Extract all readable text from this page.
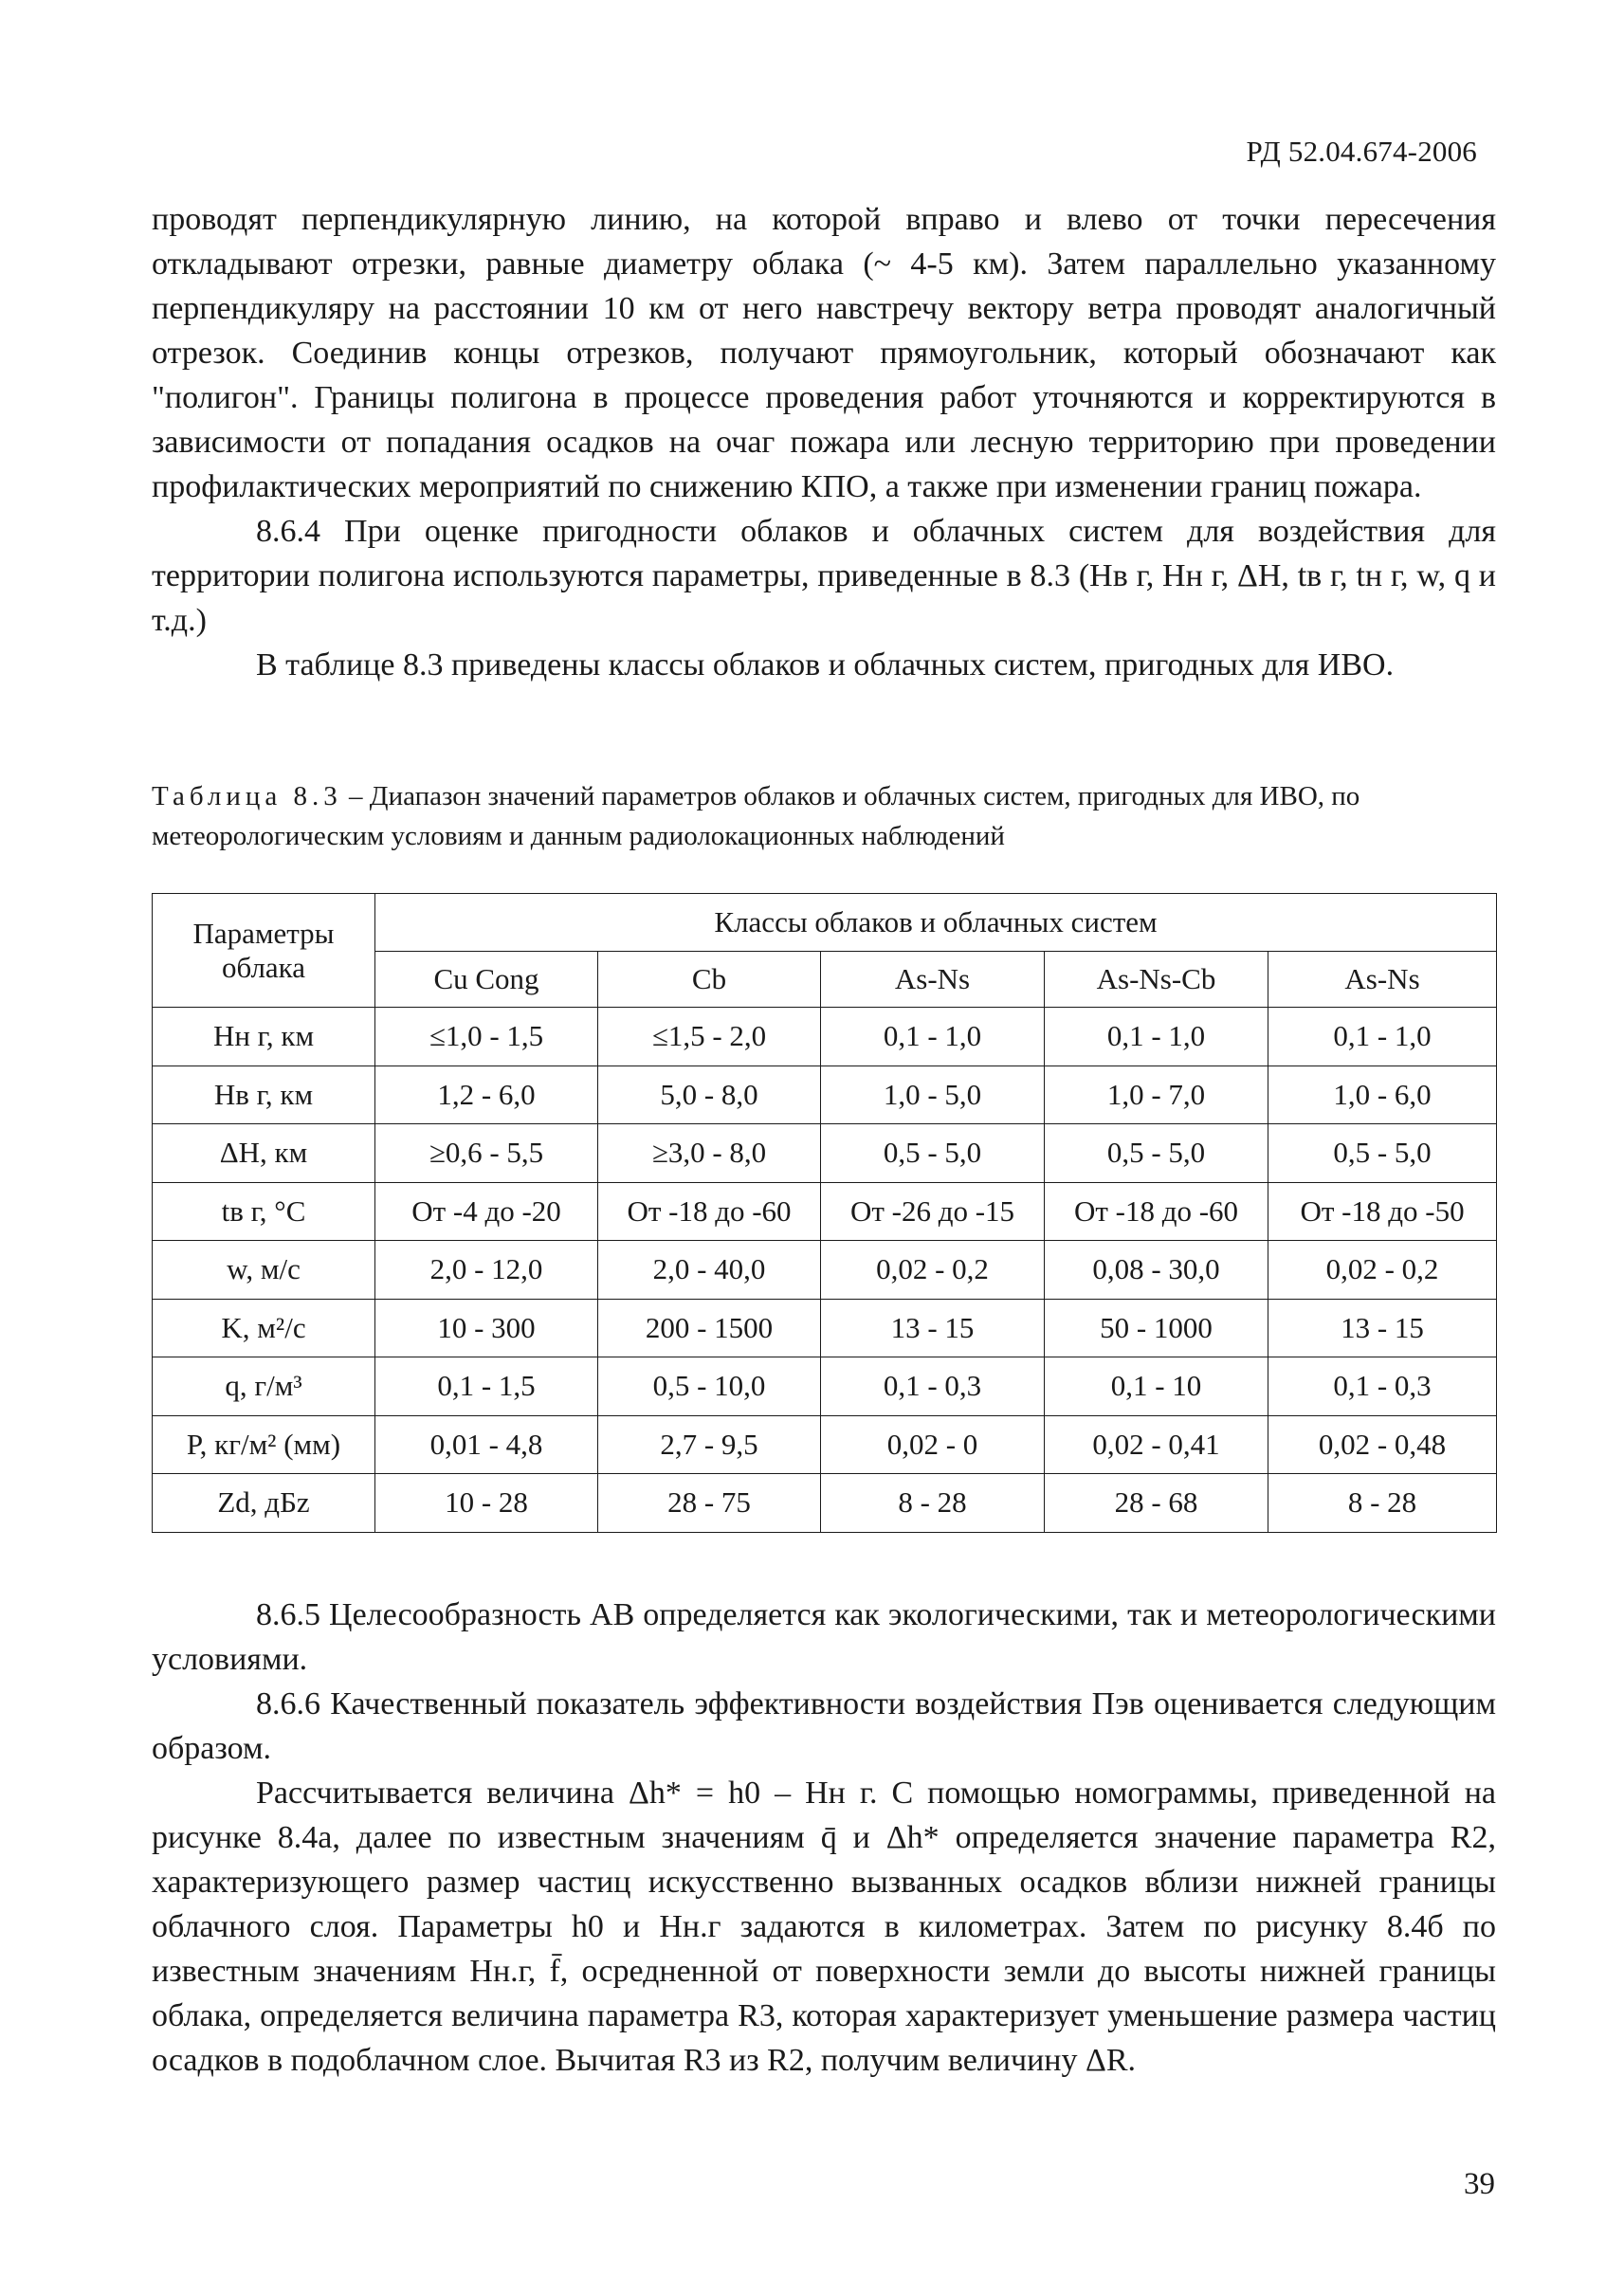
РД 52.04.674-2006

проводят перпендикулярную линию, на которой вправо и влево от точки пересечения откладывают отрезки, равные диаметру облака (~ 4-5 км). Затем параллельно указанному перпендикуляру на расстоянии 10 км от него навстречу вектору ветра проводят аналогичный отрезок. Соединив концы отрезков, получают прямоугольник, который обозначают как "полигон". Границы полигона в процессе проведения работ уточняются и корректируются в зависимости от попадания осадков на очаг пожара или лесную территорию при проведении профилактических мероприятий по снижению КПО, а также при изменении границ пожара.

8.6.4 При оценке пригодности облаков и облачных систем для воздействия для территории полигона используются параметры, приведенные в 8.3 (Hв г, Hн г, ΔH, tв г, tн г, w, q и т.д.)

В таблице 8.3 приведены классы облаков и облачных систем, пригодных для ИВО.

Таблица 8.3 – Диапазон значений параметров облаков и облачных систем, пригодных для ИВО, по метеорологическим условиям и данным радиолокационных наблюдений
Параметры облака	Классы облаков и облачных систем				
	Cu Cong	Cb	As-Ns	As-Ns-Cb	As-Ns
Hн г, км	≤1,0 - 1,5	≤1,5 - 2,0	0,1 - 1,0	0,1 - 1,0	0,1 - 1,0
Hв г, км	1,2 - 6,0	5,0 - 8,0	1,0 - 5,0	1,0 - 7,0	1,0 - 6,0
ΔH, км	≥0,6 - 5,5	≥3,0 - 8,0	0,5 - 5,0	0,5 - 5,0	0,5 - 5,0
tв г, °С	От -4 до -20	От -18 до -60	От -26 до -15	От -18 до -60	От -18 до -50
w, м/с	2,0 - 12,0	2,0 - 40,0	0,02 - 0,2	0,08 - 30,0	0,02 - 0,2
K, м²/с	10 - 300	200 - 1500	13 - 15	50 - 1000	13 - 15
q, г/м³	0,1 - 1,5	0,5 - 10,0	0,1 - 0,3	0,1 - 10	0,1 - 0,3
P, кг/м² (мм)	0,01 - 4,8	2,7 - 9,5	0,02 - 0	0,02 - 0,41	0,02 - 0,48
Zd, дБz	10 - 28	28 - 75	8 - 28	28 - 68	8 - 28

8.6.5 Целесообразность АВ определяется как экологическими, так и метеорологическими условиями.

8.6.6 Качественный показатель эффективности воздействия Пэв оценивается следующим образом.

Рассчитывается величина Δh* = h0 – Hн г. С помощью номограммы, приведенной на рисунке 8.4а, далее по известным значениям q̄ и Δh* определяется значение параметра R2, характеризующего размер частиц искусственно вызванных осадков вблизи нижней границы облачного слоя. Параметры h0 и Hн.г задаются в километрах. Затем по рисунку 8.4б по известным значениям Hн.г, f̄, осредненной от поверхности земли до высоты нижней границы облака, определяется величина параметра R3, которая характеризует уменьшение размера частиц осадков в подоблачном слое. Вычитая R3 из R2, получим величину ΔR.

39
